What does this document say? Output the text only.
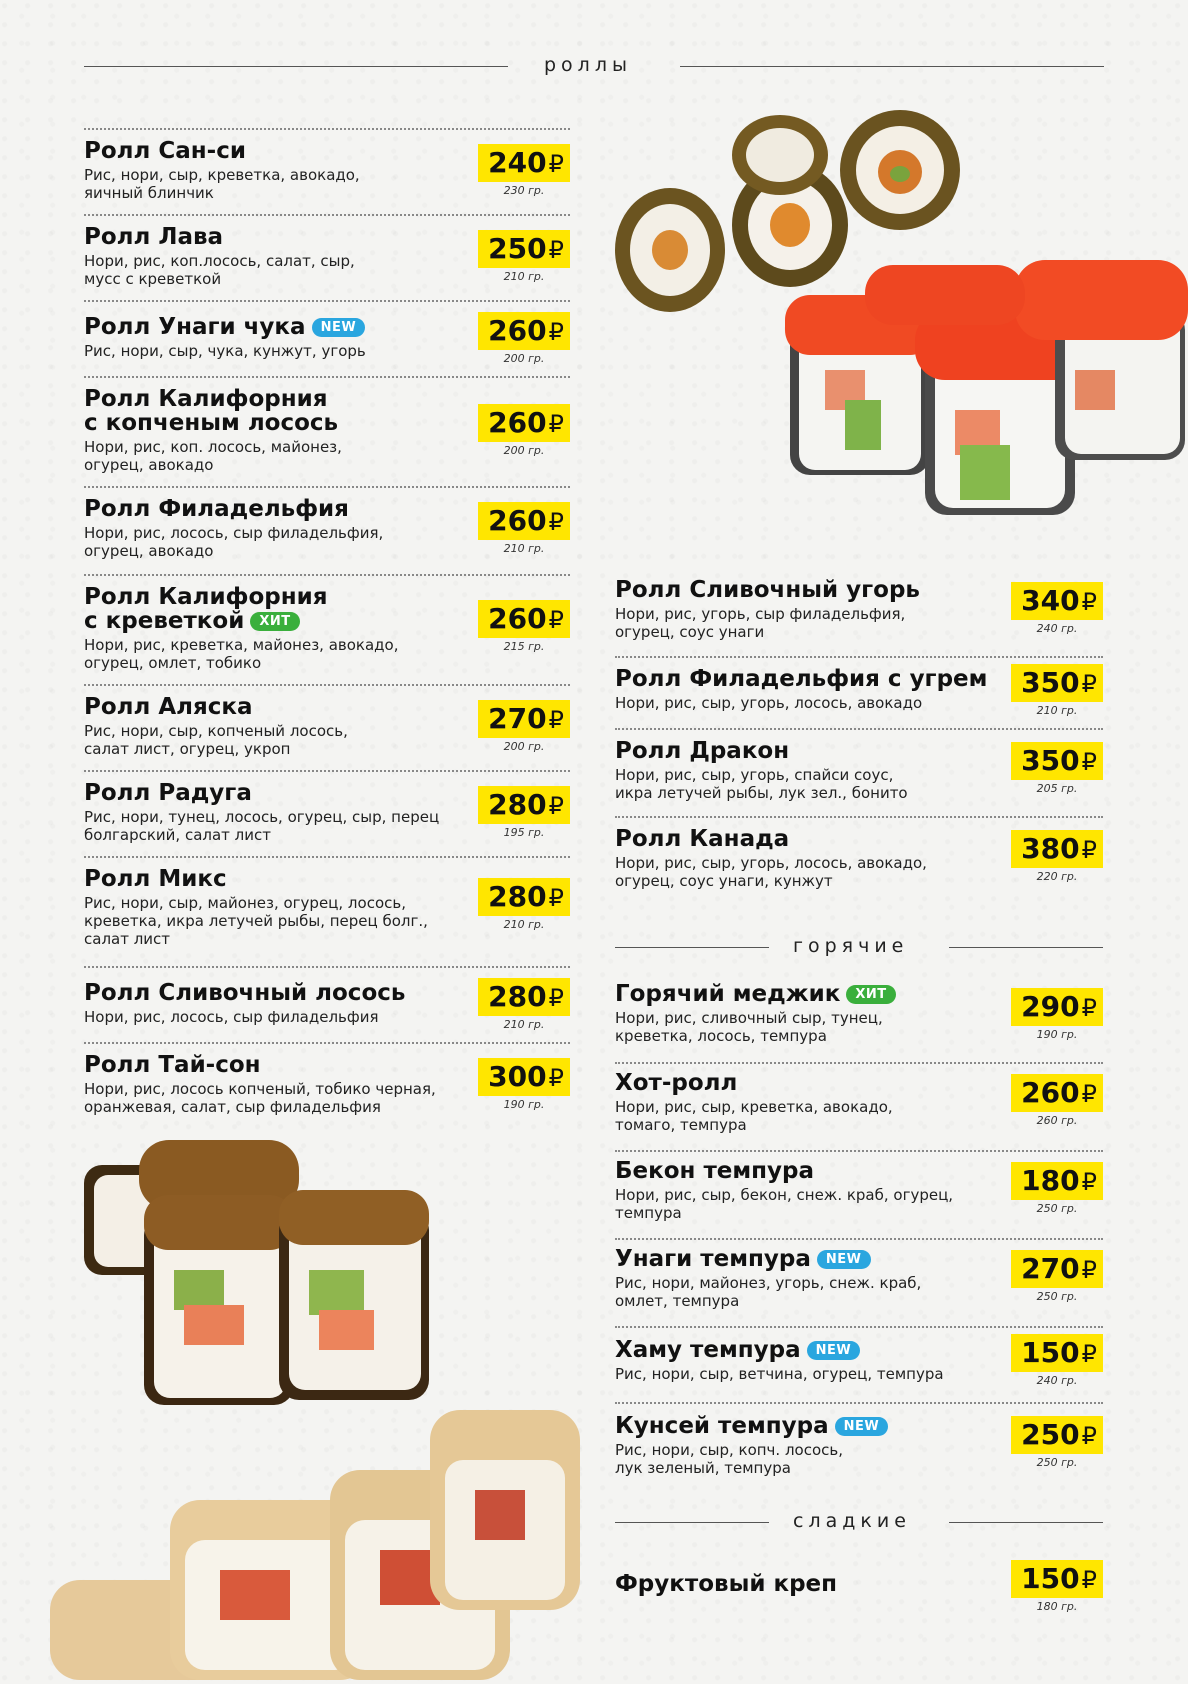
роллы
Ролл Сан-си
Рис, нори, сыр, креветка, авокадо, яичный блинчик
240₽
230 гр.
Ролл Лава
Нори, рис, коп.лосось, салат, сыр, мусс с креветкой
250₽
210 гр.
Ролл Унаги чука NEW
Рис, нори, сыр, чука, кунжут, угорь
260₽
200 гр.
Ролл Калифорния
с копченым лосось
Нори, рис, коп. лосось, майонез, огурец, авокадо
260₽
200 гр.
Ролл Филадельфия
Нори, рис, лосось, сыр филадельфия, огурец, авокадо
260₽
210 гр.
Ролл Калифорния
с креветкой ХИТ
Нори, рис, креветка, майонез, авокадо, огурец, омлет, тобико
260₽
215 гр.
Ролл Аляска
Рис, нори, сыр, копченый лосось, салат лист, огурец, укроп
270₽
200 гр.
Ролл Радуга
Рис, нори, тунец, лосось, огурец, сыр, перец болгарский, салат лист
280₽
195 гр.
Ролл Микс
Рис, нори, сыр, майонез, огурец, лосось, креветка, икра летучей рыбы, перец болг., салат лист
280₽
210 гр.
Ролл Сливочный лосось
Нори, рис, лосось, сыр филадельфия
280₽
210 гр.
Ролл Тай-сон
Нори, рис, лосось копченый, тобико черная, оранжевая, салат, сыр филадельфия
300₽
190 гр.
Ролл Сливочный угорь
Нори, рис, угорь, сыр филадельфия, огурец, соус унаги
340₽
240 гр.
Ролл Филадельфия с угрем
Нори, рис, сыр, угорь, лосось, авокадо
350₽
210 гр.
Ролл Дракон
Нори, рис, сыр, угорь, спайси соус, икра летучей рыбы, лук зел., бонито
350₽
205 гр.
Ролл Канада
Нори, рис, сыр, угорь, лосось, авокадо, огурец, соус унаги, кунжут
380₽
220 гр.
горячие
Горячий меджик ХИТ
Нори, рис, сливочный сыр, тунец, креветка, лосось, темпура
290₽
190 гр.
Хот-ролл
Нори, рис, сыр, креветка, авокадо, томаго, темпура
260₽
260 гр.
Бекон темпура
Нори, рис, сыр, бекон, снеж. краб, огурец, темпура
180₽
250 гр.
Унаги темпура NEW
Рис, нори, майонез, угорь, снеж. краб, омлет, темпура
270₽
250 гр.
Хаму темпура NEW
Рис, нори, сыр, ветчина, огурец, темпура
150₽
240 гр.
Кунсей темпура NEW
Рис, нори, сыр, копч. лосось, лук зеленый, темпура
250₽
250 гр.
сладкие
Фруктовый креп	150₽
180 гр.
